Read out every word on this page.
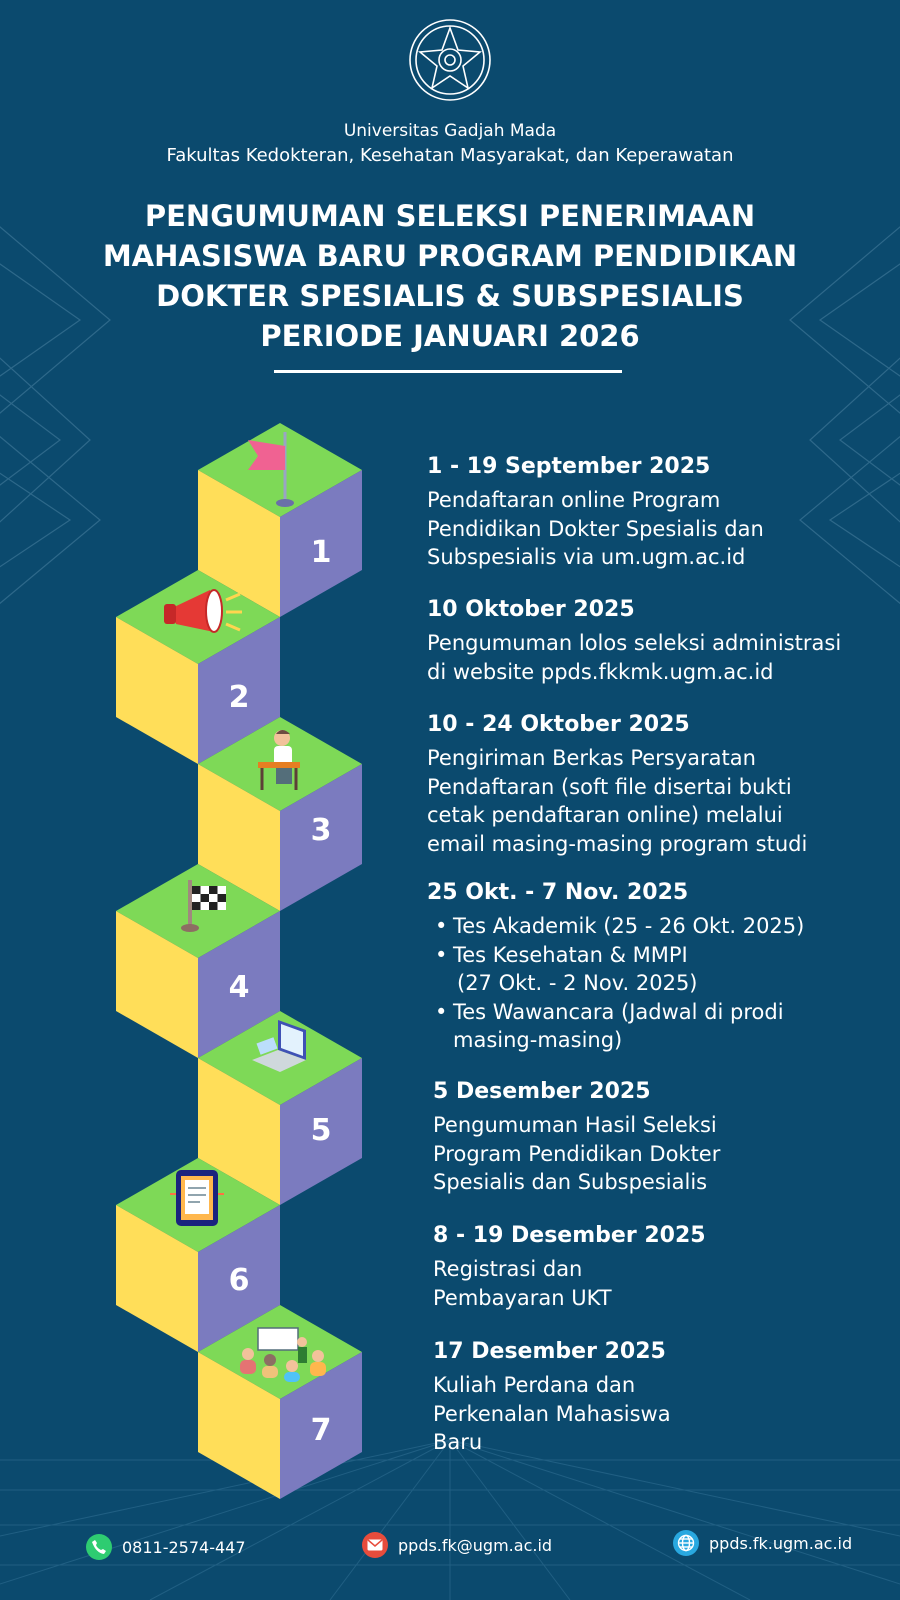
Universitas Gadjah Mada
Fakultas Kedokteran, Kesehatan Masyarakat, dan Keperawatan
PENGUMUMAN SELEKSI PENERIMAAN
MAHASISWA BARU PROGRAM PENDIDIKAN
DOKTER SPESIALIS & SUBSPESIALIS
PERIODE JANUARI 2026
1
2
3
4
5
6
7
1 - 19 September 2025

Pendaftaran online Program
Pendidikan Dokter Spesialis dan
Subspesialis via um.ugm.ac.id

10 Oktober 2025

Pengumuman lolos seleksi administrasi
di website ppds.fkkmk.ugm.ac.id

10 - 24 Oktober 2025

Pengiriman Berkas Persyaratan
Pendaftaran (soft file disertai bukti
cetak pendaftaran online) melalui
email masing-masing program studi

25 Okt. - 7 Nov. 2025
• Tes Akademik (25 - 26 Okt. 2025)
• Tes Kesehatan & MMPI
(27 Okt. - 2 Nov. 2025)
• Tes Wawancara (Jadwal di prodi
masing-masing)
5 Desember 2025

Pengumuman Hasil Seleksi
Program Pendidikan Dokter
Spesialis dan Subspesialis

8 - 19 Desember 2025

Registrasi dan
Pembayaran UKT

17 Desember 2025

Kuliah Perdana dan
Perkenalan Mahasiswa
Baru

0811-2574-447	ppds.fk@ugm.ac.id	ppds.fk.ugm.ac.id
